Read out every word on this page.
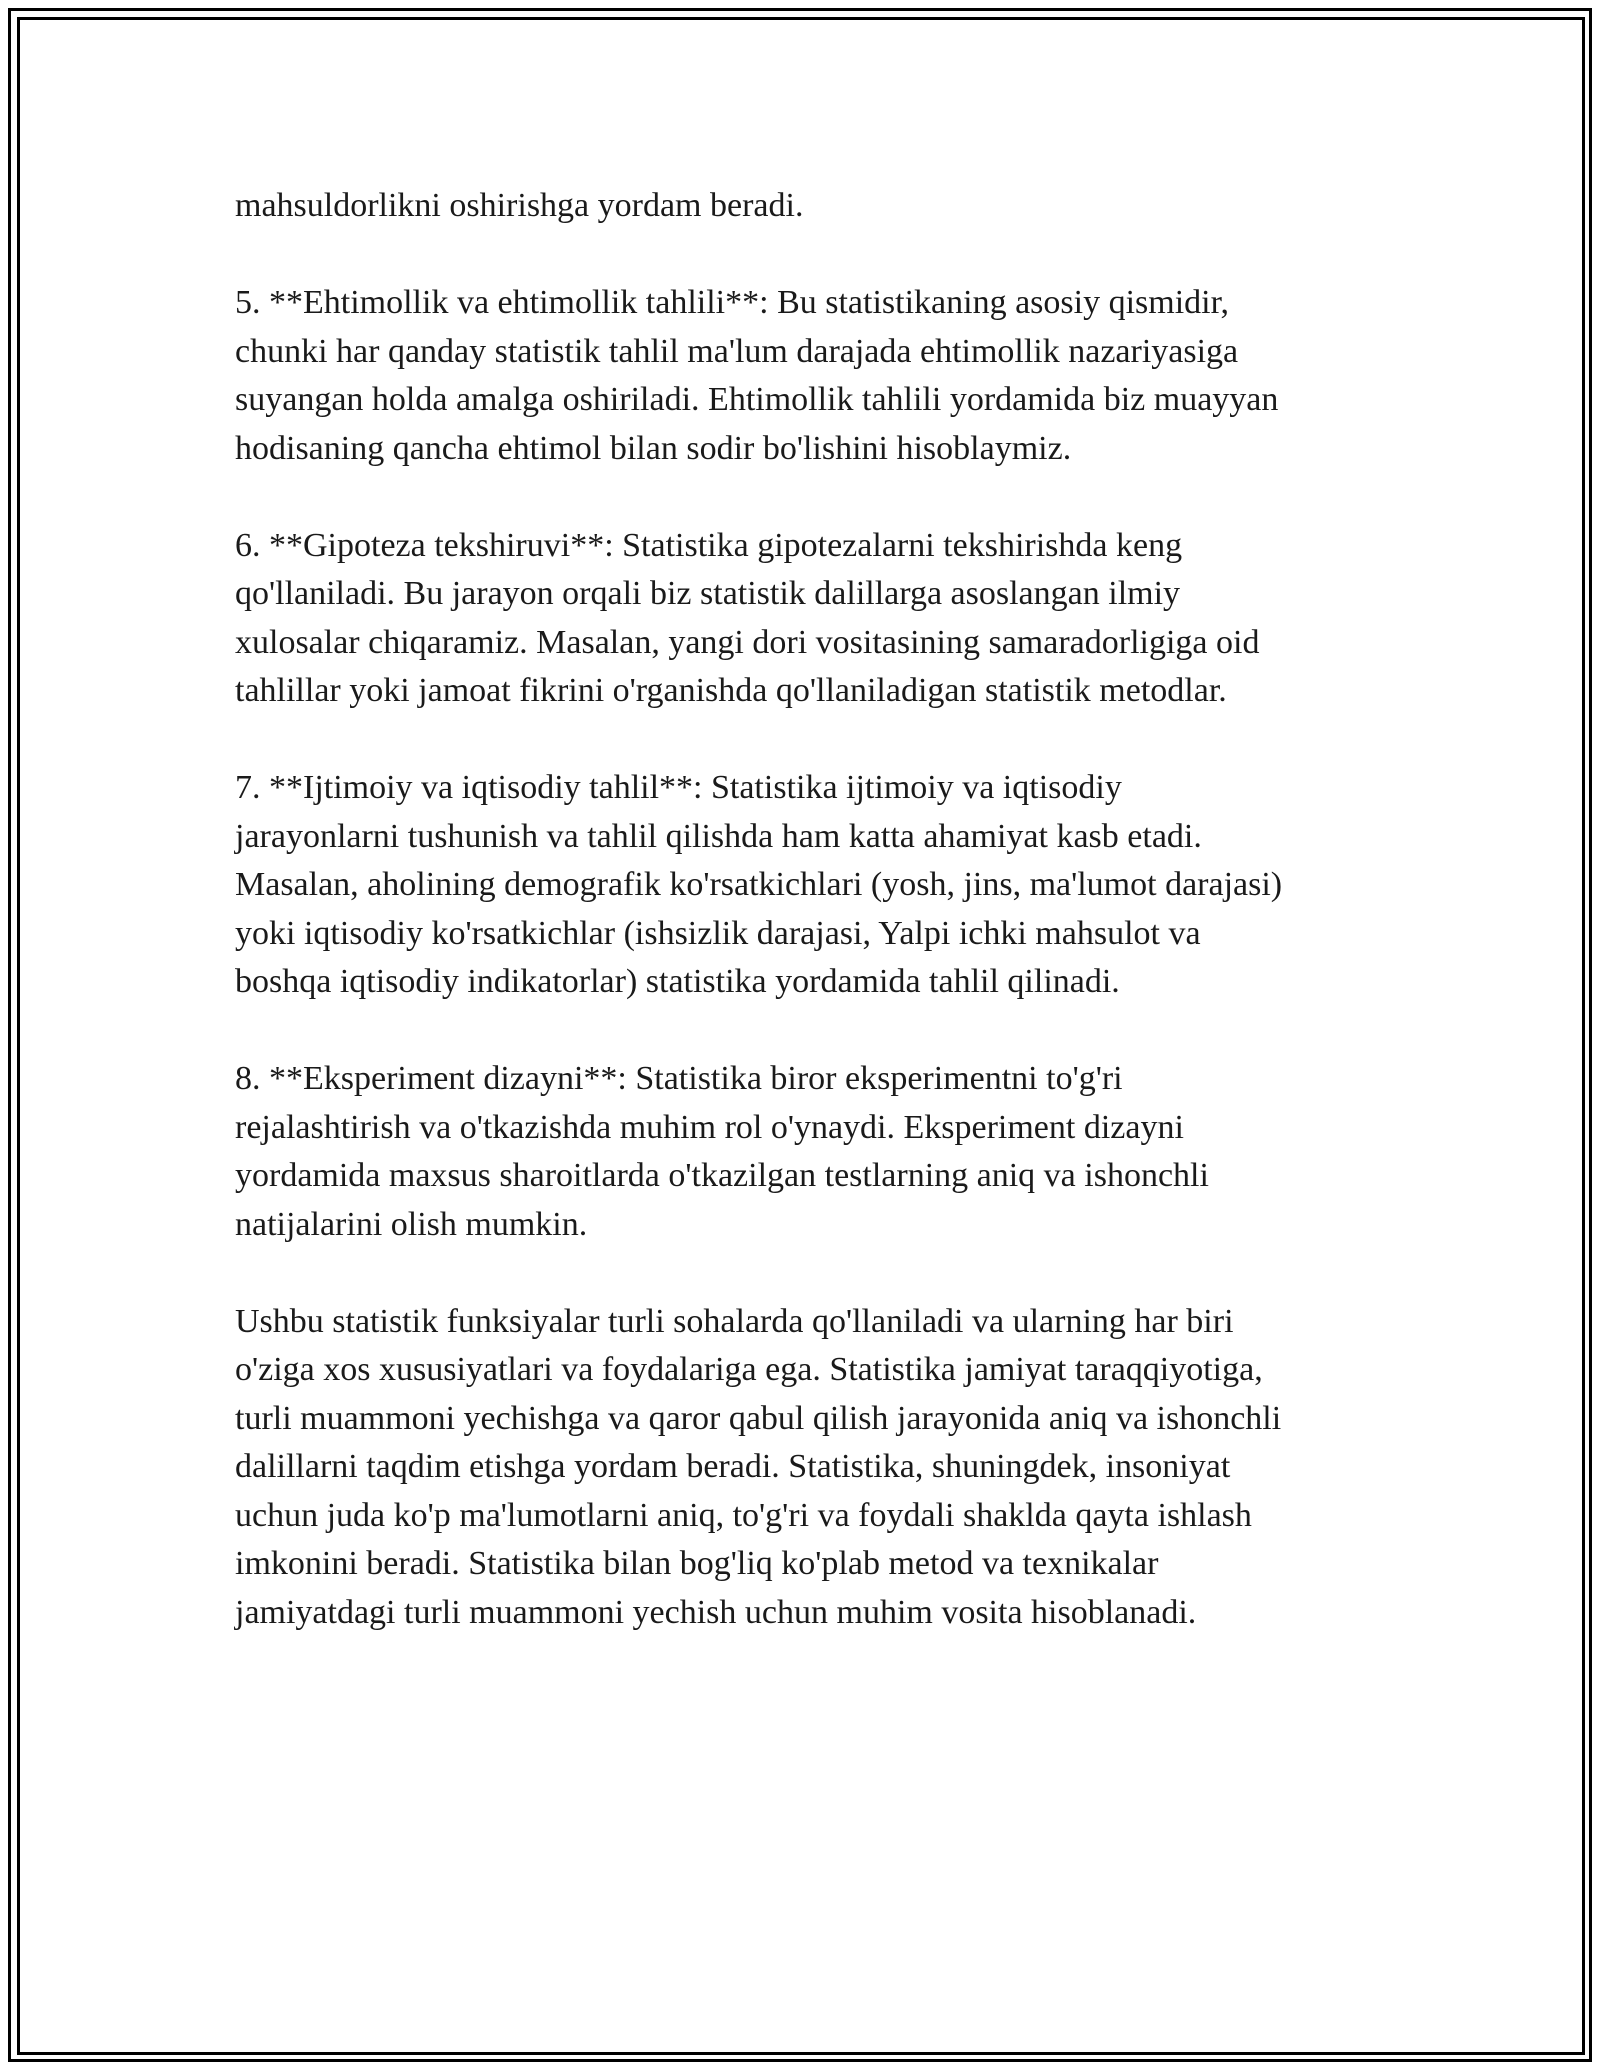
mahsuldorlikni oshirishga yordam beradi.

5. **Ehtimollik va ehtimollik tahlili**: Bu statistikaning asosiy qismidir,
chunki har qanday statistik tahlil ma'lum darajada ehtimollik nazariyasiga
suyangan holda amalga oshiriladi. Ehtimollik tahlili yordamida biz muayyan
hodisaning qancha ehtimol bilan sodir bo'lishini hisoblaymiz.

6. **Gipoteza tekshiruvi**: Statistika gipotezalarni tekshirishda keng
qo'llaniladi. Bu jarayon orqali biz statistik dalillarga asoslangan ilmiy
xulosalar chiqaramiz. Masalan, yangi dori vositasining samaradorligiga oid
tahlillar yoki jamoat fikrini o'rganishda qo'llaniladigan statistik metodlar.

7. **Ijtimoiy va iqtisodiy tahlil**: Statistika ijtimoiy va iqtisodiy
jarayonlarni tushunish va tahlil qilishda ham katta ahamiyat kasb etadi.
Masalan, aholining demografik ko'rsatkichlari (yosh, jins, ma'lumot darajasi)
yoki iqtisodiy ko'rsatkichlar (ishsizlik darajasi, Yalpi ichki mahsulot va
boshqa iqtisodiy indikatorlar) statistika yordamida tahlil qilinadi.

8. **Eksperiment dizayni**: Statistika biror eksperimentni to'g'ri
rejalashtirish va o'tkazishda muhim rol o'ynaydi. Eksperiment dizayni
yordamida maxsus sharoitlarda o'tkazilgan testlarning aniq va ishonchli
natijalarini olish mumkin.

Ushbu statistik funksiyalar turli sohalarda qo'llaniladi va ularning har biri
o'ziga xos xususiyatlari va foydalariga ega. Statistika jamiyat taraqqiyotiga,
turli muammoni yechishga va qaror qabul qilish jarayonida aniq va ishonchli
dalillarni taqdim etishga yordam beradi. Statistika, shuningdek, insoniyat
uchun juda ko'p ma'lumotlarni aniq, to'g'ri va foydali shaklda qayta ishlash
imkonini beradi. Statistika bilan bog'liq ko'plab metod va texnikalar
jamiyatdagi turli muammoni yechish uchun muhim vosita hisoblanadi.
